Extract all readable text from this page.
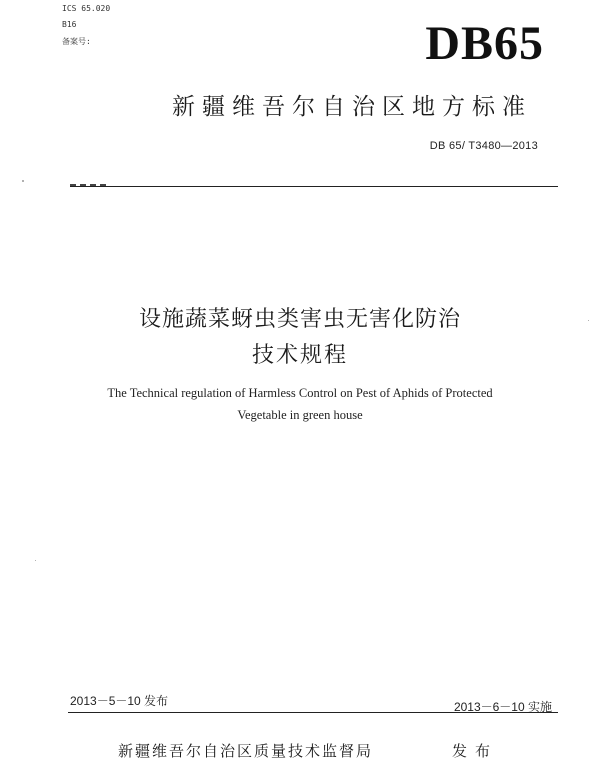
ICS 65.020
B16
备案号:	DB65
新疆维吾尔自治区地方标准
DB 65/ T3480—2013
设施蔬菜蚜虫类害虫无害化防治
技术规程
The Technical regulation of Harmless Control on Pest of Aphids of Protected
Vegetable in green house
2013－5－10 发布	2013－6－10 实施
新疆维吾尔自治区质量技术监督局	发布
